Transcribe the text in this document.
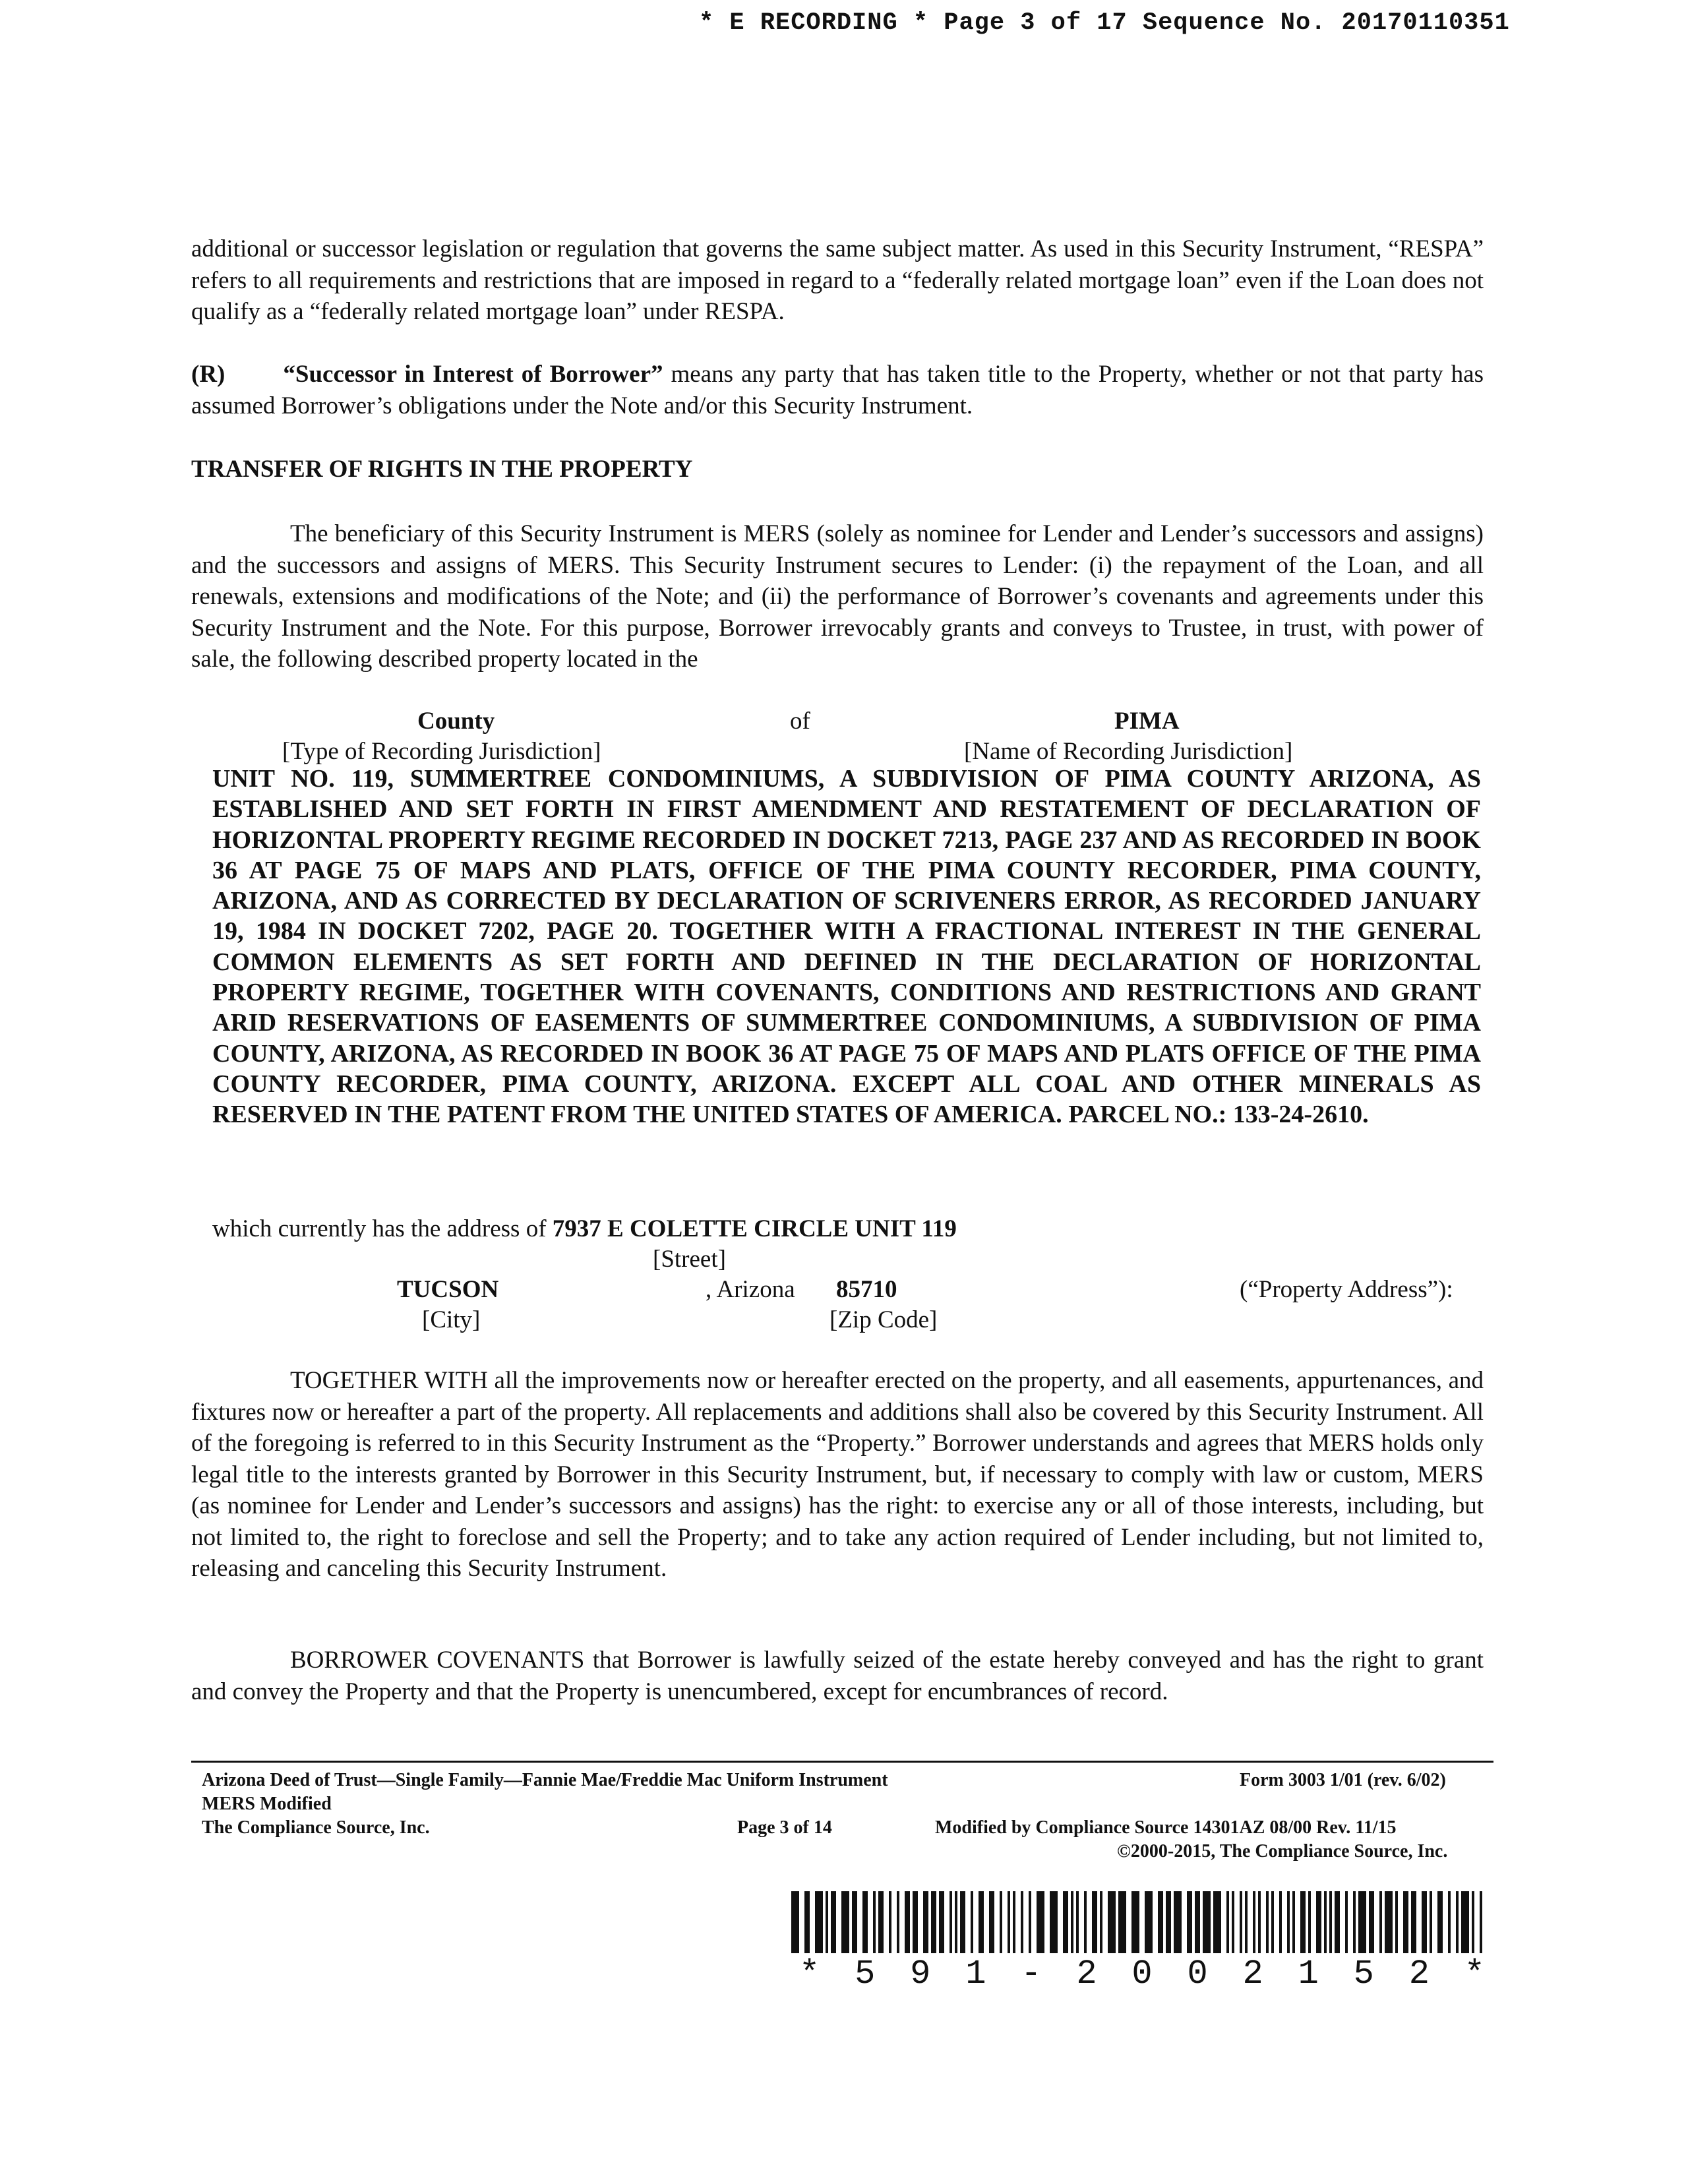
* E RECORDING * Page 3 of 17 Sequence No. 20170110351
additional or successor legislation or regulation that governs the same subject matter. As used in this Security Instrument, “RESPA” refers to all requirements and restrictions that are imposed in regard to a “federally related mortgage loan” even if the Loan does not qualify as a “federally related mortgage loan” under RESPA.
(R) “Successor in Interest of Borrower” means any party that has taken title to the Property, whether or not that party has assumed Borrower’s obligations under the Note and/or this Security Instrument.
TRANSFER OF RIGHTS IN THE PROPERTY
The beneficiary of this Security Instrument is MERS (solely as nominee for Lender and Lender’s successors and assigns) and the successors and assigns of MERS. This Security Instrument secures to Lender: (i) the repayment of the Loan, and all renewals, extensions and modifications of the Note; and (ii) the performance of Borrower’s covenants and agreements under this Security Instrument and the Note. For this purpose, Borrower irrevocably grants and conveys to Trustee, in trust, with power of sale, the following described property located in the
County	of	PIMA
[Type of Recording Jurisdiction]	[Name of Recording Jurisdiction]
UNIT NO. 119, SUMMERTREE CONDOMINIUMS, A SUBDIVISION OF PIMA COUNTY ARIZONA, AS ESTABLISHED AND SET FORTH IN FIRST AMENDMENT AND RESTATEMENT OF DECLARATION OF HORIZONTAL PROPERTY REGIME RECORDED IN DOCKET 7213, PAGE 237 AND AS RECORDED IN BOOK 36 AT PAGE 75 OF MAPS AND PLATS, OFFICE OF THE PIMA COUNTY RECORDER, PIMA COUNTY, ARIZONA, AND AS CORRECTED BY DECLARATION OF SCRIVENERS ERROR, AS RECORDED JANUARY 19, 1984 IN DOCKET 7202, PAGE 20. TOGETHER WITH A FRACTIONAL INTEREST IN THE GENERAL COMMON ELEMENTS AS SET FORTH AND DEFINED IN THE DECLARATION OF HORIZONTAL PROPERTY REGIME, TOGETHER WITH COVENANTS, CONDITIONS AND RESTRICTIONS AND GRANT ARID RESERVATIONS OF EASEMENTS OF SUMMERTREE CONDOMINIUMS, A SUBDIVISION OF PIMA COUNTY, ARIZONA, AS RECORDED IN BOOK 36 AT PAGE 75 OF MAPS AND PLATS OFFICE OF THE PIMA COUNTY RECORDER, PIMA COUNTY, ARIZONA. EXCEPT ALL COAL AND OTHER MINERALS AS RESERVED IN THE PATENT FROM THE UNITED STATES OF AMERICA. PARCEL NO.: 133-24-2610.
which currently has the address of 7937 E COLETTE CIRCLE UNIT 119
[Street]
TUCSON	, Arizona 85710	(“Property Address”):
[City]	[Zip Code]
TOGETHER WITH all the improvements now or hereafter erected on the property, and all easements, appurtenances, and fixtures now or hereafter a part of the property. All replacements and additions shall also be covered by this Security Instrument. All of the foregoing is referred to in this Security Instrument as the “Property.” Borrower understands and agrees that MERS holds only legal title to the interests granted by Borrower in this Security Instrument, but, if necessary to comply with law or custom, MERS (as nominee for Lender and Lender’s successors and assigns) has the right: to exercise any or all of those interests, including, but not limited to, the right to foreclose and sell the Property; and to take any action required of Lender including, but not limited to, releasing and canceling this Security Instrument.
BORROWER COVENANTS that Borrower is lawfully seized of the estate hereby conveyed and has the right to grant and convey the Property and that the Property is unencumbered, except for encumbrances of record.
Arizona Deed of Trust—Single Family—Fannie Mae/Freddie Mac Uniform Instrument	Form 3003 1/01 (rev. 6/02)
MERS Modified
The Compliance Source, Inc.	Page 3 of 14	Modified by Compliance Source 14301AZ 08/00 Rev. 11/15
©2000-2015, The Compliance Source, Inc.
* 5 9 1 - 2 0 0 2 1 5 2 *
